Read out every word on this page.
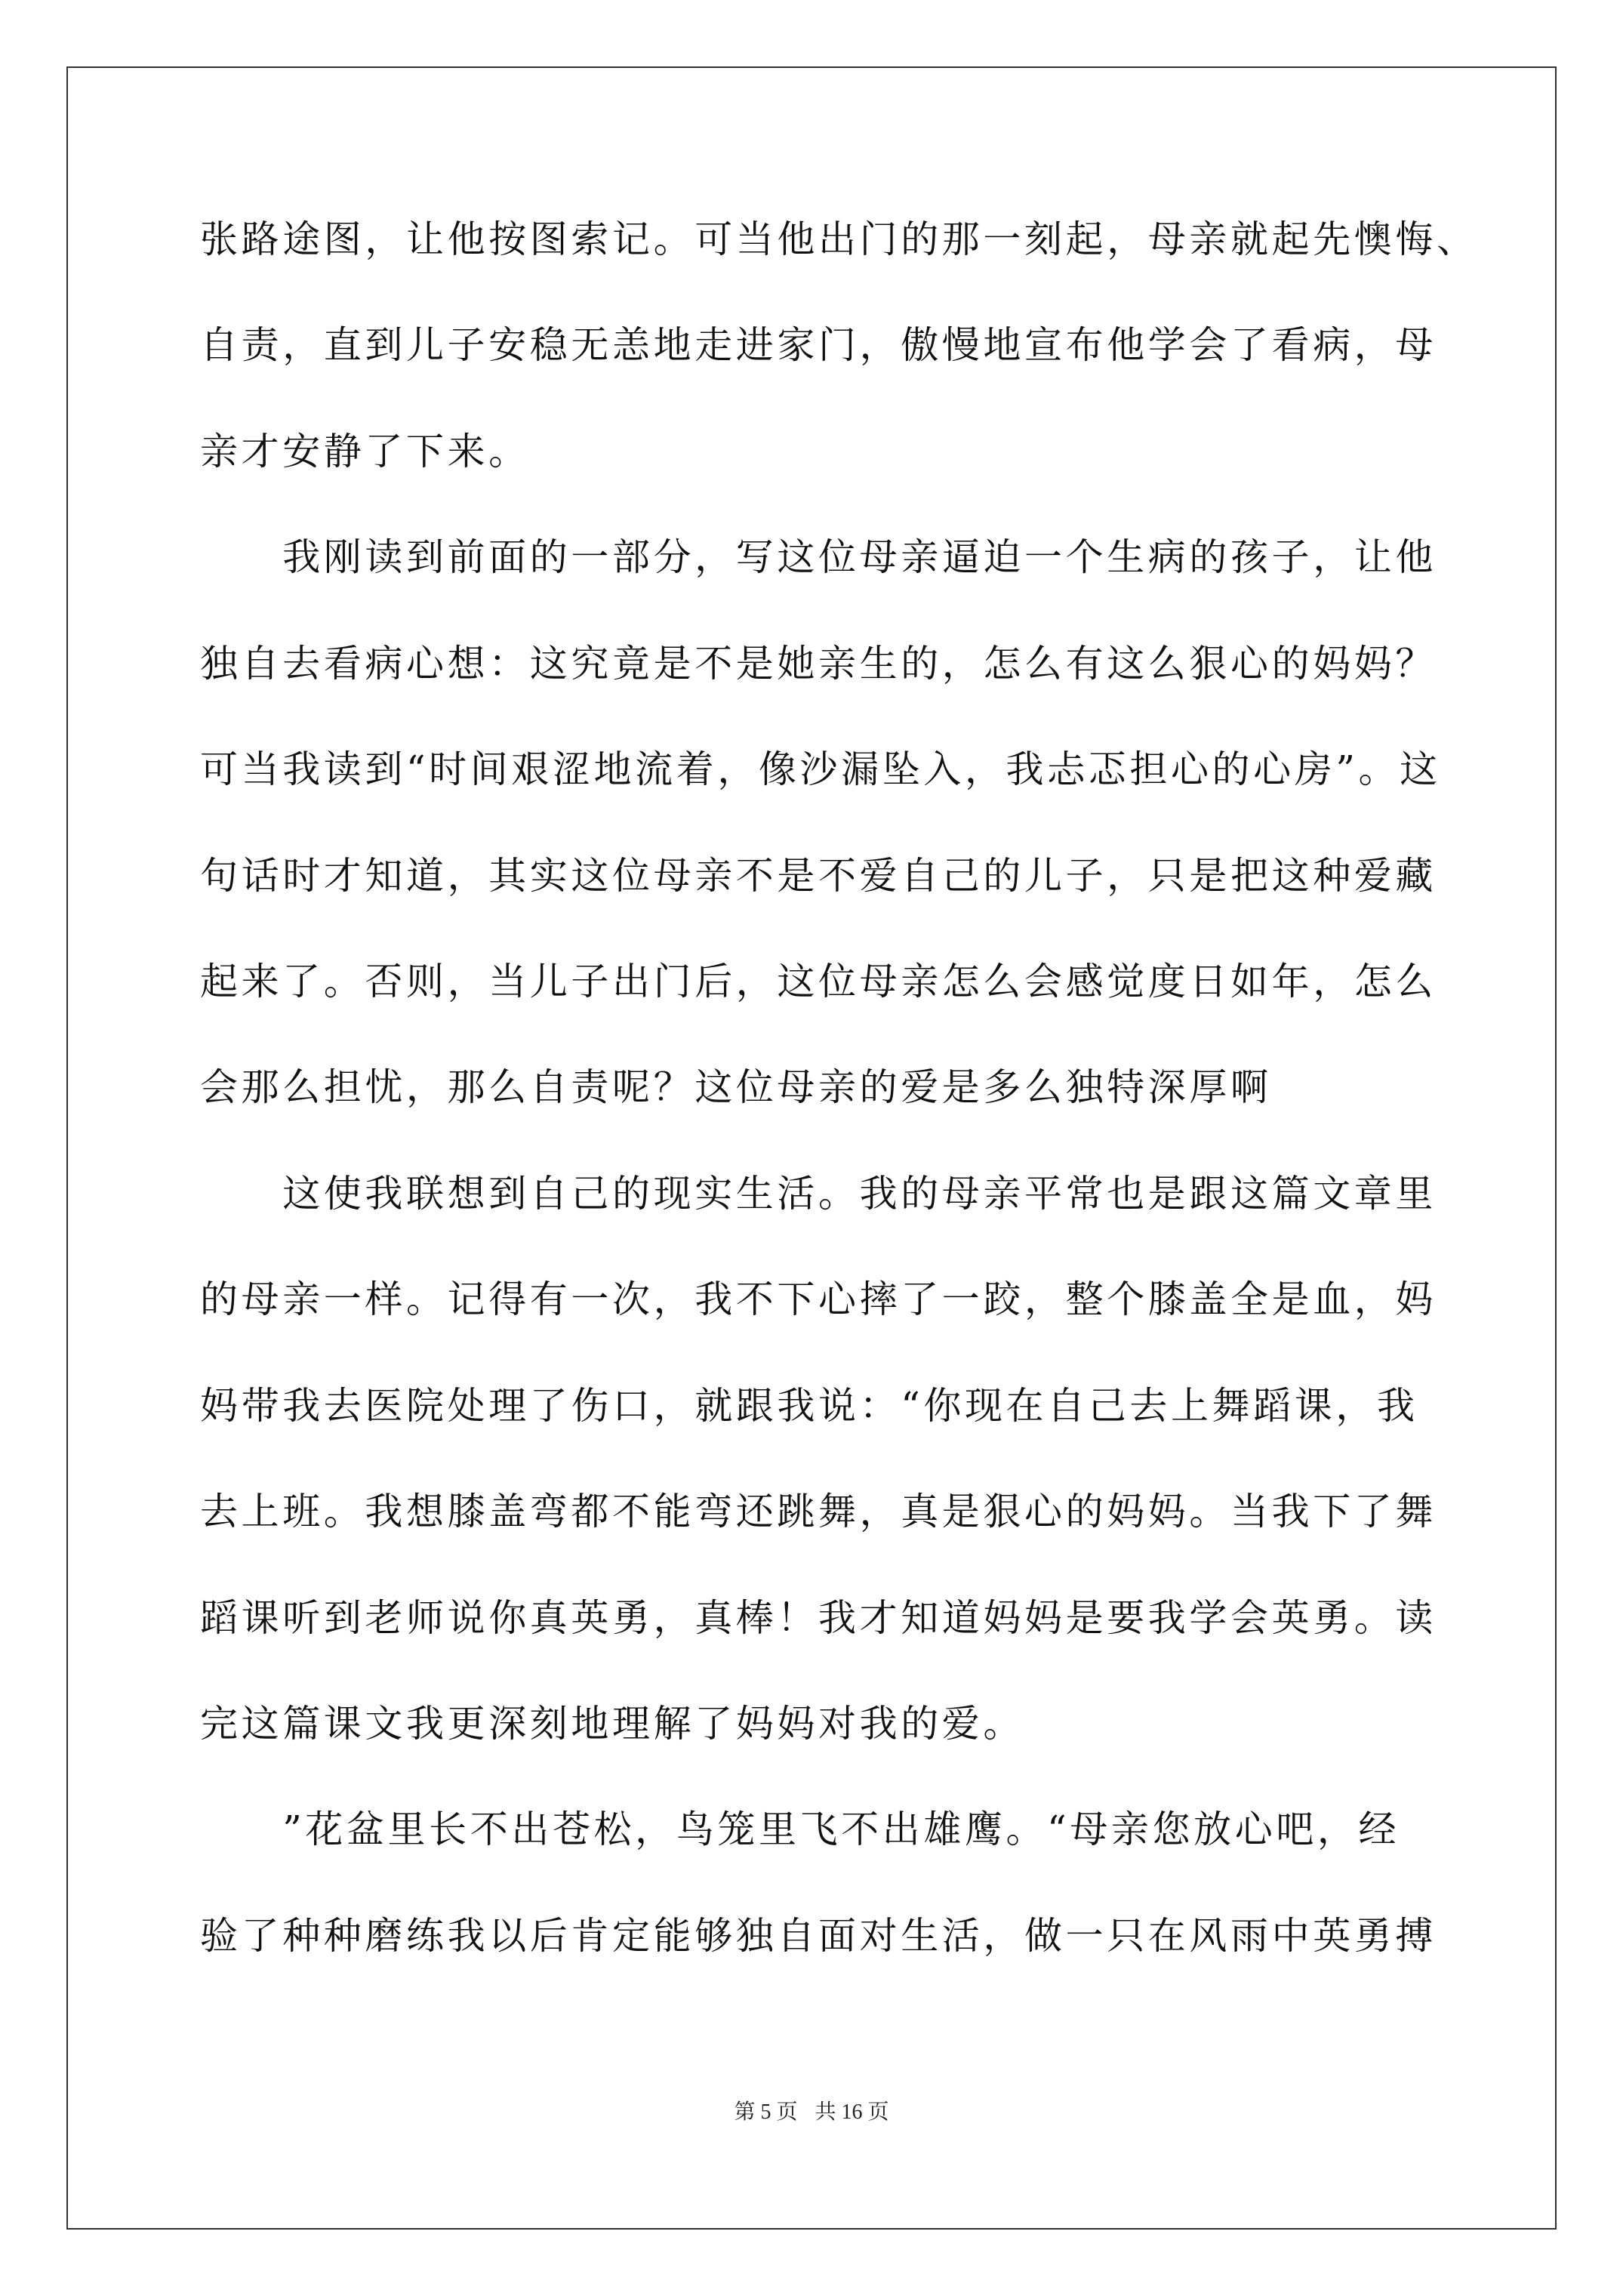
张路途图，让他按图索记。可当他出门的那一刻起，母亲就起先懊悔、
自责，直到儿子安稳无恙地走进家门，傲慢地宣布他学会了看病，母
亲才安静了下来。
　　我刚读到前面的一部分，写这位母亲逼迫一个生病的孩子，让他
独自去看病心想：这究竟是不是她亲生的，怎么有这么狠心的妈妈？
可当我读到“时间艰涩地流着，像沙漏坠入，我忐忑担心的心房”。这
句话时才知道，其实这位母亲不是不爱自己的儿子，只是把这种爱藏
起来了。否则，当儿子出门后，这位母亲怎么会感觉度日如年，怎么
会那么担忧，那么自责呢？这位母亲的爱是多么独特深厚啊
　　这使我联想到自己的现实生活。我的母亲平常也是跟这篇文章里
的母亲一样。记得有一次，我不下心摔了一跤，整个膝盖全是血，妈
妈带我去医院处理了伤口，就跟我说：“你现在自己去上舞蹈课，我
去上班。我想膝盖弯都不能弯还跳舞，真是狠心的妈妈。当我下了舞
蹈课听到老师说你真英勇，真棒！我才知道妈妈是要我学会英勇。读
完这篇课文我更深刻地理解了妈妈对我的爱。
　　”花盆里长不出苍松，鸟笼里飞不出雄鹰。“母亲您放心吧，经
验了种种磨练我以后肯定能够独自面对生活，做一只在风雨中英勇搏
第 5 页 共 16 页
